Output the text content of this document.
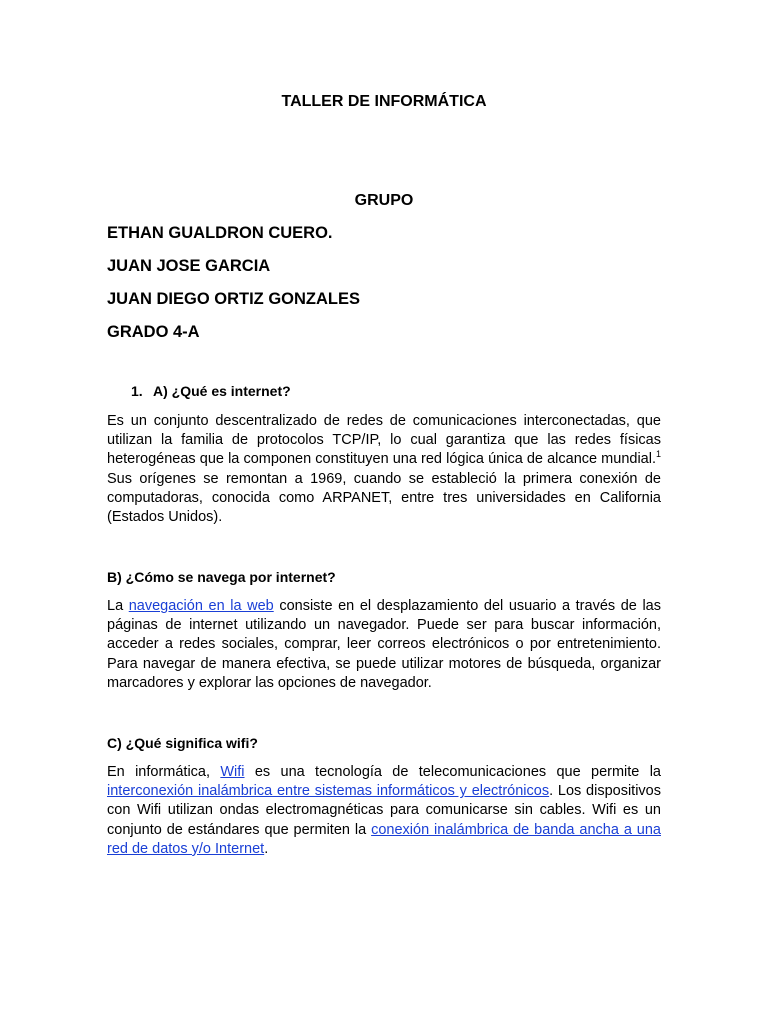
TALLER DE INFORMÁTICA
GRUPO

ETHAN GUALDRON CUERO.

JUAN JOSE GARCIA

JUAN DIEGO ORTIZ GONZALES

GRADO 4-A

1. A) ¿Qué es internet?

Es un conjunto descentralizado de redes de comunicaciones interconectadas, que utilizan la familia de protocolos TCP/IP, lo cual garantiza que las redes físicas heterogéneas que la componen constituyen una red lógica única de alcance mundial.$^1$ Sus orígenes se remontan a 1969, cuando se estableció la primera conexión de computadoras, conocida como ARPANET, entre tres universidades en California (Estados Unidos).

B) ¿Cómo se navega por internet?

La navegación en la web consiste en el desplazamiento del usuario a través de las páginas de internet utilizando un navegador. Puede ser para buscar información, acceder a redes sociales, comprar, leer correos electrónicos o por entretenimiento. Para navegar de manera efectiva, se puede utilizar motores de búsqueda, organizar marcadores y explorar las opciones de navegador.

C) ¿Qué significa wifi?

En informática, Wifi es una tecnología de telecomunicaciones que permite la interconexión inalámbrica entre sistemas informáticos y electrónicos. Los dispositivos con Wifi utilizan ondas electromagnéticas para comunicarse sin cables. Wifi es un conjunto de estándares que permiten la conexión inalámbrica de banda ancha a una red de datos y/o Internet.
